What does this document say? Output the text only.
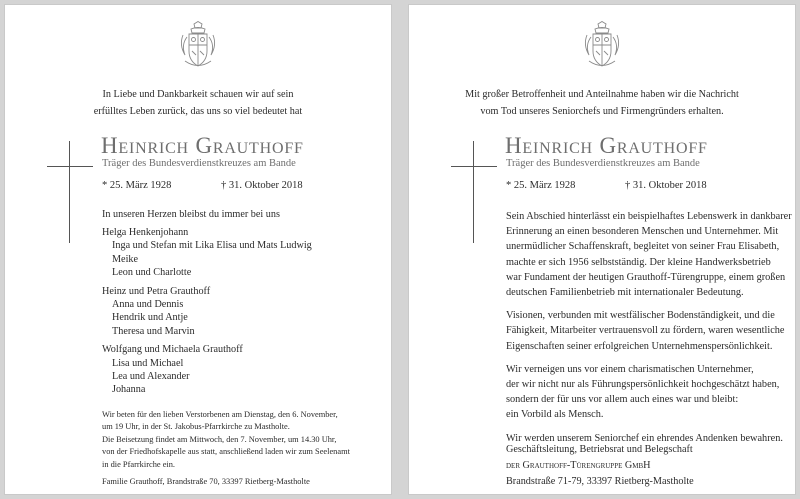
In Liebe und Dankbarkeit schauen wir auf sein
erfülltes Leben zurück, das uns so viel bedeutet hat
Heinrich Grauthoff
Träger des Bundesverdienstkreuzes am Bande
* 25. März 1928	† 31. Oktober 2018
In unseren Herzen bleibst du immer bei uns
Helga Henkenjohann
Inga und Stefan mit Lika Elisa und Mats Ludwig
Meike
Leon und Charlotte
Heinz und Petra Grauthoff
Anna und Dennis
Hendrik und Antje
Theresa und Marvin
Wolfgang und Michaela Grauthoff
Lisa und Michael
Lea und Alexander
Johanna
Wir beten für den lieben Verstorbenen am Dienstag, den 6. November,
um 19 Uhr, in der St. Jakobus-Pfarrkirche zu Mastholte.
Die Beisetzung findet am Mittwoch, den 7. November, um 14.30 Uhr,
von der Friedhofskapelle aus statt, anschließend laden wir zum Seelenamt
in die Pfarrkirche ein.
Familie Grauthoff, Brandstraße 70, 33397 Rietberg-Mastholte
Mit großer Betroffenheit und Anteilnahme haben wir die Nachricht
vom Tod unseres Seniorchefs und Firmengründers erhalten.
Heinrich Grauthoff
Träger des Bundesverdienstkreuzes am Bande
* 25. März 1928	† 31. Oktober 2018
Sein Abschied hinterlässt ein beispielhaftes Lebenswerk in dankbarer
Erinnerung an einen besonderen Menschen und Unternehmer. Mit
unermüdlicher Schaffenskraft, begleitet von seiner Frau Elisabeth,
machte er sich 1956 selbstständig. Der kleine Handwerksbetrieb
war Fundament der heutigen Grauthoff-Türengruppe, einem großen
deutschen Familienbetrieb mit internationaler Bedeutung.
Visionen, verbunden mit westfälischer Bodenständigkeit, und die
Fähigkeit, Mitarbeiter vertrauensvoll zu fördern, waren wesentliche
Eigenschaften seiner erfolgreichen Unternehmenspersönlichkeit.
Wir verneigen uns vor einem charismatischen Unternehmer,
der wir nicht nur als Führungspersönlichkeit hochgeschätzt haben,
sondern der für uns vor allem auch eines war und bleibt:
ein Vorbild als Mensch.
Wir werden unserem Seniorchef ein ehrendes Andenken bewahren.
Geschäftsleitung, Betriebsrat und Belegschaft
der Grauthoff-Türengruppe GmbH
Brandstraße 71-79, 33397 Rietberg-Mastholte
